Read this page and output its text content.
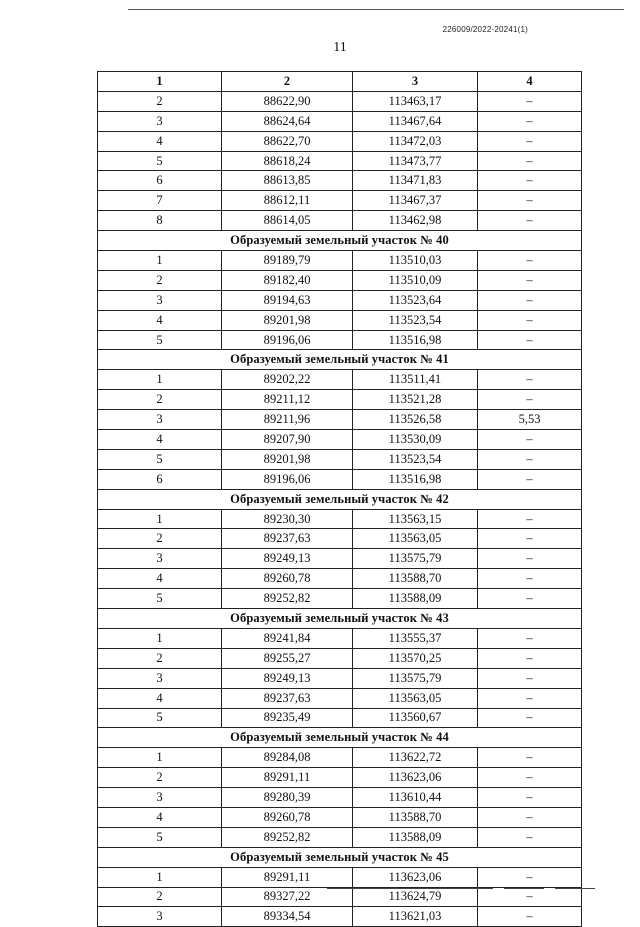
226009/2022-20241(1)
11
1	2	3	4
2	88622,90	113463,17	–
3	88624,64	113467,64	–
4	88622,70	113472,03	–
5	88618,24	113473,77	–
6	88613,85	113471,83	–
7	88612,11	113467,37	–
8	88614,05	113462,98	–
Образуемый земельный участок № 40			
1	89189,79	113510,03	–
2	89182,40	113510,09	–
3	89194,63	113523,64	–
4	89201,98	113523,54	–
5	89196,06	113516,98	–
Образуемый земельный участок № 41			
1	89202,22	113511,41	–
2	89211,12	113521,28	–
3	89211,96	113526,58	5,53
4	89207,90	113530,09	–
5	89201,98	113523,54	–
6	89196,06	113516,98	–
Образуемый земельный участок № 42			
1	89230,30	113563,15	–
2	89237,63	113563,05	–
3	89249,13	113575,79	–
4	89260,78	113588,70	–
5	89252,82	113588,09	–
Образуемый земельный участок № 43			
1	89241,84	113555,37	–
2	89255,27	113570,25	–
3	89249,13	113575,79	–
4	89237,63	113563,05	–
5	89235,49	113560,67	–
Образуемый земельный участок № 44			
1	89284,08	113622,72	–
2	89291,11	113623,06	–
3	89280,39	113610,44	–
4	89260,78	113588,70	–
5	89252,82	113588,09	–
Образуемый земельный участок № 45			
1	89291,11	113623,06	–
2	89327,22	113624,79	–
3	89334,54	113621,03	–
